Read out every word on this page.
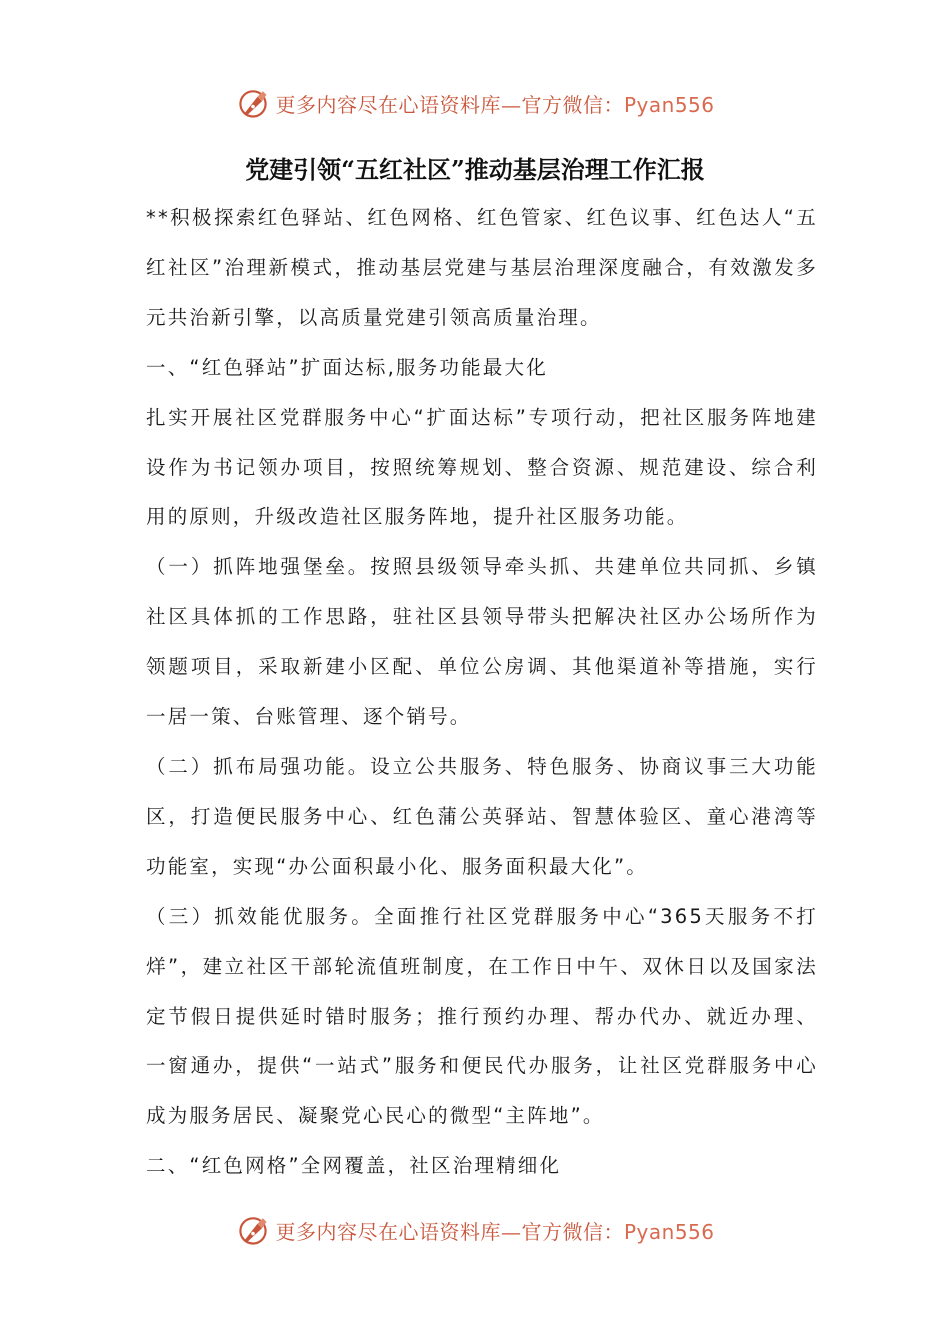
更多内容尽在心语资料库—官方微信：Pyan556
党建引领“五红社区”推动基层治理工作汇报

**积极探索红色驿站、红色网格、红色管家、红色议事、红色达人“五红社区”治理新模式，推动基层党建与基层治理深度融合，有效激发多元共治新引擎，以高质量党建引领高质量治理。

一、“红色驿站”扩面达标,服务功能最大化

扎实开展社区党群服务中心“扩面达标”专项行动，把社区服务阵地建设作为书记领办项目，按照统筹规划、整合资源、规范建设、综合利用的原则，升级改造社区服务阵地，提升社区服务功能。

（一）抓阵地强堡垒。按照县级领导牵头抓、共建单位共同抓、乡镇社区具体抓的工作思路，驻社区县领导带头把解决社区办公场所作为领题项目，采取新建小区配、单位公房调、其他渠道补等措施，实行一居一策、台账管理、逐个销号。

（二）抓布局强功能。设立公共服务、特色服务、协商议事三大功能区，打造便民服务中心、红色蒲公英驿站、智慧体验区、童心港湾等功能室，实现“办公面积最小化、服务面积最大化”。

（三）抓效能优服务。全面推行社区党群服务中心“365天服务不打烊”，建立社区干部轮流值班制度，在工作日中午、双休日以及国家法定节假日提供延时错时服务；推行预约办理、帮办代办、就近办理、一窗通办，提供“一站式”服务和便民代办服务，让社区党群服务中心成为服务居民、凝聚党心民心的微型“主阵地”。

二、“红色网格”全网覆盖，社区治理精细化

更多内容尽在心语资料库—官方微信：Pyan556
